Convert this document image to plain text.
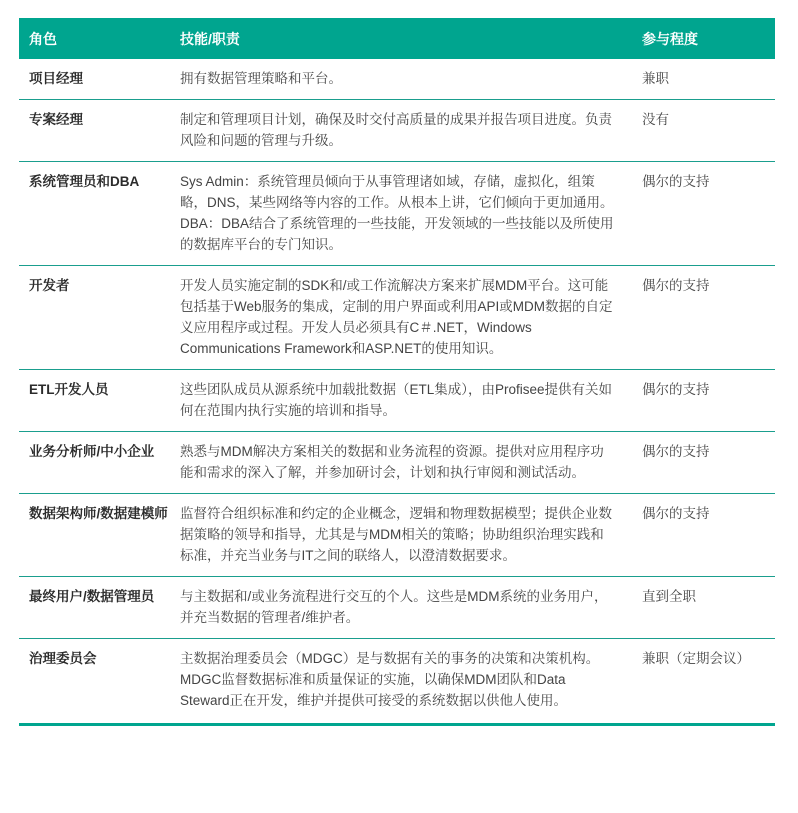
角色	技能/职责	参与程度
项目经理	拥有数据管理策略和平台。	兼职
专案经理	制定和管理项目计划，确保及时交付高质量的成果并报告项目进度。负责风险和问题的管理与升级。	没有
系统管理员和DBA	Sys Admin：系统管理员倾向于从事管理诸如域，存储，虚拟化，组策略，DNS，某些网络等内容的工作。从根本上讲，它们倾向于更加通用。DBA：DBA结合了系统管理的一些技能，开发领域的一些技能以及所使用的数据库平台的专门知识。	偶尔的支持
开发者	开发人员实施定制的SDK和/或工作流解决方案来扩展MDM平台。这可能包括基于Web服务的集成，定制的用户界面或利用API或MDM数据的自定义应用程序或过程。开发人员必须具有C＃.NET，Windows Communications Framework和ASP.NET的使用知识。	偶尔的支持
ETL开发人员	这些团队成员从源系统中加载批数据（ETL集成），由Profisee提供有关如何在范围内执行实施的培训和指导。	偶尔的支持
业务分析师/中小企业	熟悉与MDM解决方案相关的数据和业务流程的资源。提供对应用程序功能和需求的深入了解，并参加研讨会，计划和执行审阅和测试活动。	偶尔的支持
数据架构师/数据建模师	监督符合组织标准和约定的企业概念，逻辑和物理数据模型；提供企业数据策略的领导和指导，尤其是与MDM相关的策略；协助组织治理实践和标准，并充当业务与IT之间的联络人，以澄清数据要求。	偶尔的支持
最终用户/数据管理员	与主数据和/或业务流程进行交互的个人。这些是MDM系统的业务用户，并充当数据的管理者/维护者。	直到全职
治理委员会	主数据治理委员会（MDGC）是与数据有关的事务的决策和决策机构。MDGC监督数据标准和质量保证的实施，以确保MDM团队和Data Steward正在开发，维护并提供可接受的系统数据以供他人使用。	兼职（定期会议）
